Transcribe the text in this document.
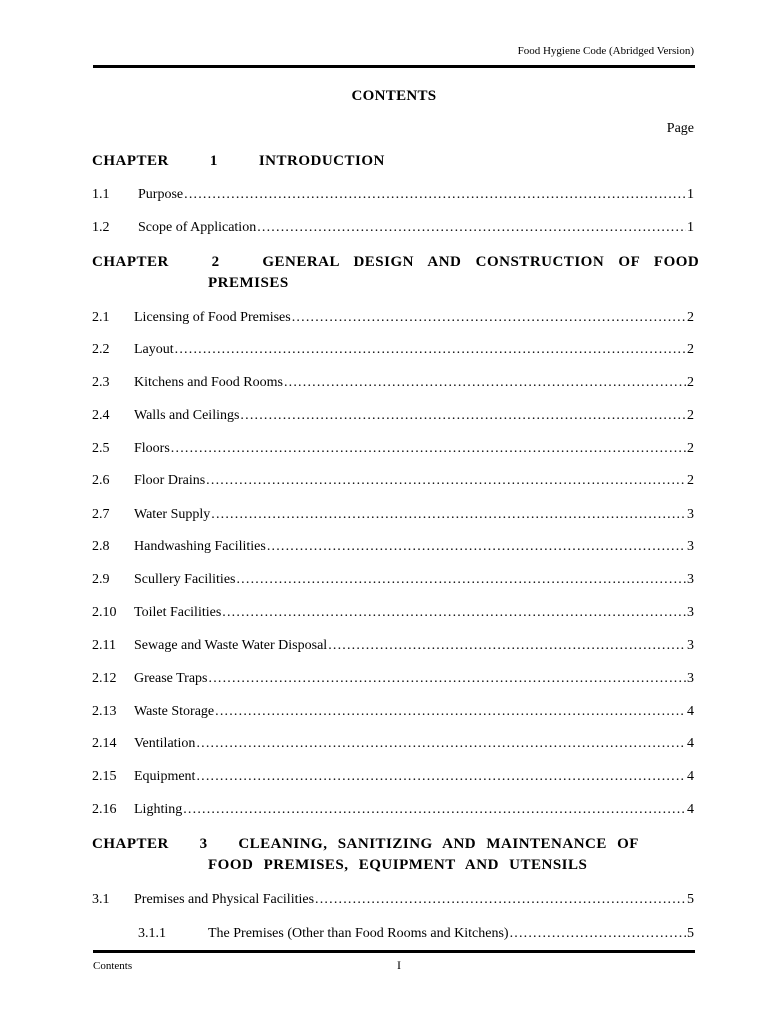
Food Hygiene Code (Abridged Version)
CONTENTS
Page
CHAPTER	1	INTRODUCTION
1.1 Purpose .....	1
1.2 Scope of Application .....	1
CHAPTER	2	GENERAL DESIGN AND CONSTRUCTION OF FOOD
PREMISES
2.1 Licensing of Food Premises .....	2
2.2 Layout .....	2
2.3 Kitchens and Food Rooms .....	2
2.4 Walls and Ceilings .....	2
2.5 Floors .....	2
2.6 Floor Drains .....	2
2.7 Water Supply .....	3
2.8 Handwashing Facilities .....	3
2.9 Scullery Facilities .....	3
2.10 Toilet Facilities .....	3
2.11 Sewage and Waste Water Disposal .....	3
2.12 Grease Traps .....	3
2.13 Waste Storage .....	4
2.14 Ventilation .....	4
2.15 Equipment .....	4
2.16 Lighting .....	4
CHAPTER 3 CLEANING, SANITIZING AND MAINTENANCE OF
FOOD PREMISES, EQUIPMENT AND UTENSILS
3.1 Premises and Physical Facilities .....	5
3.1.1	The Premises (Other than Food Rooms and Kitchens) .....	5
Contents	I
